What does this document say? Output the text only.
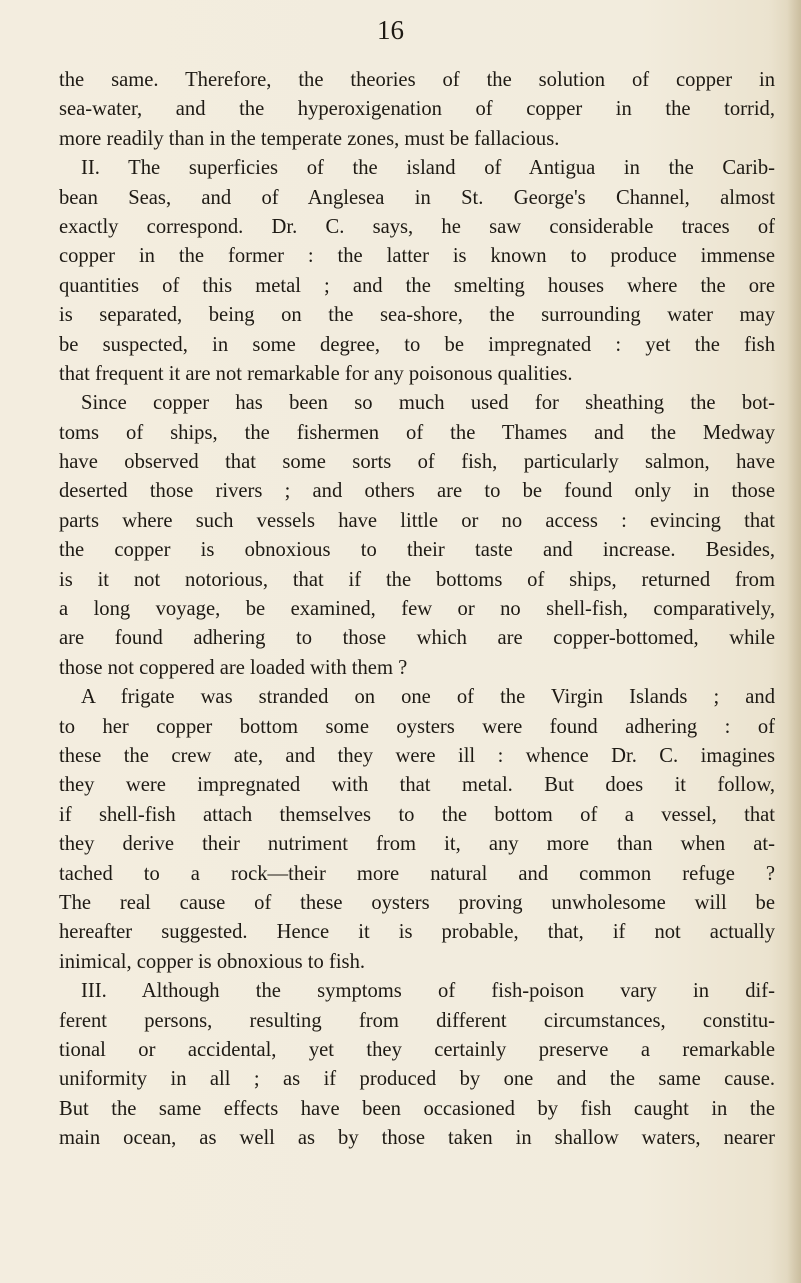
16
the same. Therefore, the theories of the solution of copper in
sea-water, and the hyperoxigenation of copper in the torrid,
more readily than in the temperate zones, must be fallacious.
II. The superficies of the island of Antigua in the Carib-
bean Seas, and of Anglesea in St. George's Channel, almost
exactly correspond. Dr. C. says, he saw considerable traces of
copper in the former : the latter is known to produce immense
quantities of this metal ; and the smelting houses where the ore
is separated, being on the sea-shore, the surrounding water may
be suspected, in some degree, to be impregnated : yet the fish
that frequent it are not remarkable for any poisonous qualities.
Since copper has been so much used for sheathing the bot-
toms of ships, the fishermen of the Thames and the Medway
have observed that some sorts of fish, particularly salmon, have
deserted those rivers ; and others are to be found only in those
parts where such vessels have little or no access : evincing that
the copper is obnoxious to their taste and increase. Besides,
is it not notorious, that if the bottoms of ships, returned from
a long voyage, be examined, few or no shell-fish, comparatively,
are found adhering to those which are copper-bottomed, while
those not coppered are loaded with them ?
A frigate was stranded on one of the Virgin Islands ; and
to her copper bottom some oysters were found adhering : of
these the crew ate, and they were ill : whence Dr. C. imagines
they were impregnated with that metal. But does it follow,
if shell-fish attach themselves to the bottom of a vessel, that
they derive their nutriment from it, any more than when at-
tached to a rock—their more natural and common refuge ?
The real cause of these oysters proving unwholesome will be
hereafter suggested. Hence it is probable, that, if not actually
inimical, copper is obnoxious to fish.
III. Although the symptoms of fish-poison vary in dif-
ferent persons, resulting from different circumstances, constitu-
tional or accidental, yet they certainly preserve a remarkable
uniformity in all ; as if produced by one and the same cause.
But the same effects have been occasioned by fish caught in the
main ocean, as well as by those taken in shallow waters, nearer
